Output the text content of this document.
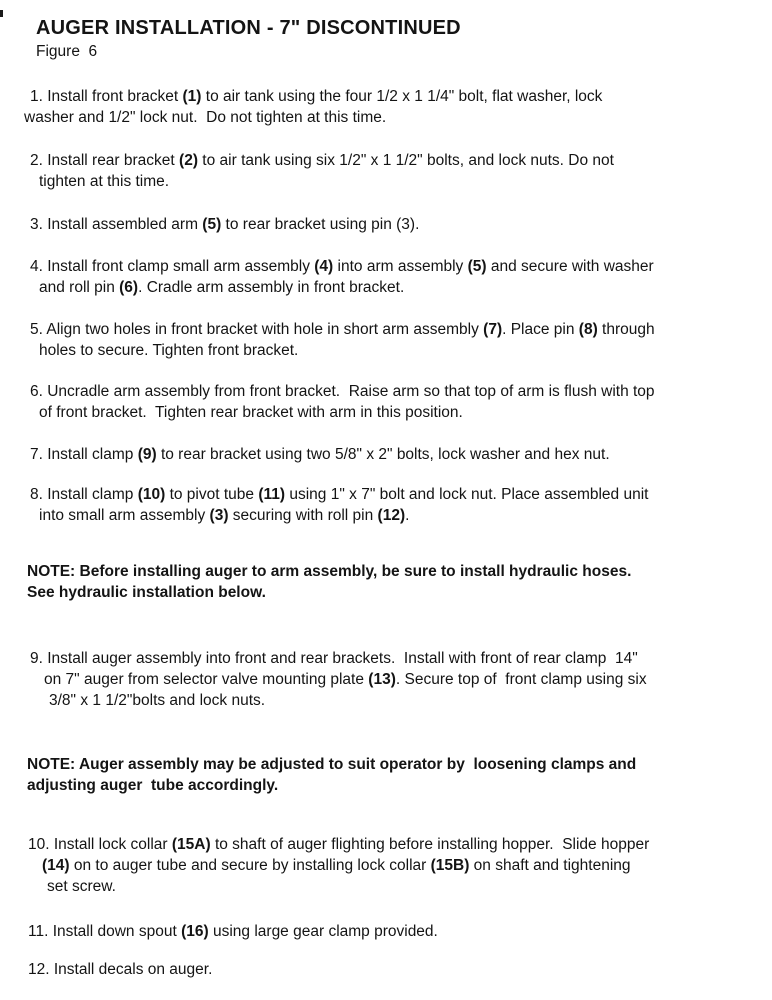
AUGER INSTALLATION - 7" DISCONTINUED
Figure  6
1. Install front bracket (1) to air tank using the four 1/2 x 1 1/4" bolt, flat washer, lock
washer and 1/2" lock nut.  Do not tighten at this time.
2. Install rear bracket (2) to air tank using six 1/2" x 1 1/2" bolts, and lock nuts. Do not
tighten at this time.
3. Install assembled arm (5) to rear bracket using pin (3).
4. Install front clamp small arm assembly (4) into arm assembly (5) and secure with washer
and roll pin (6). Cradle arm assembly in front bracket.
5. Align two holes in front bracket with hole in short arm assembly (7). Place pin (8) through
holes to secure. Tighten front bracket.
6. Uncradle arm assembly from front bracket.  Raise arm so that top of arm is flush with top
of front bracket.  Tighten rear bracket with arm in this position.
7. Install clamp (9) to rear bracket using two 5/8" x 2" bolts, lock washer and hex nut.
8. Install clamp (10) to pivot tube (11) using 1" x 7" bolt and lock nut. Place assembled unit
into small arm assembly (3) securing with roll pin (12).
NOTE: Before installing auger to arm assembly, be sure to install hydraulic hoses.
See hydraulic installation below.
9. Install auger assembly into front and rear brackets.  Install with front of rear clamp  14"
on 7" auger from selector valve mounting plate (13). Secure top of  front clamp using six
3/8" x 1 1/2"bolts and lock nuts.
NOTE: Auger assembly may be adjusted to suit operator by  loosening clamps and
adjusting auger  tube accordingly.
10. Install lock collar (15A) to shaft of auger flighting before installing hopper.  Slide hopper
(14) on to auger tube and secure by installing lock collar (15B) on shaft and tightening
set screw.
11. Install down spout (16) using large gear clamp provided.
12. Install decals on auger.
